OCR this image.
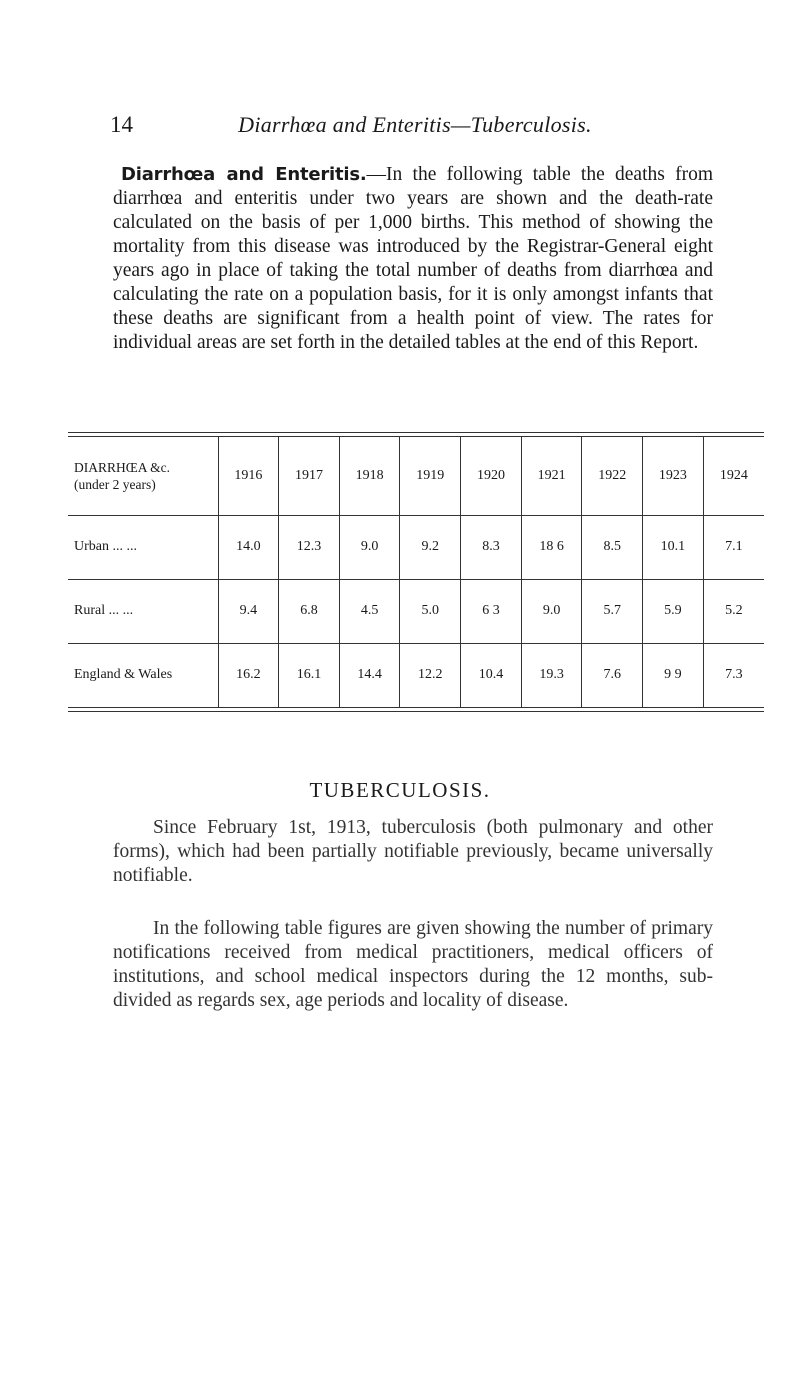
14	Diarrhœa and Enteritis—Tuberculosis.

Diarrhœa and Enteritis.—In the following table the deaths from diarrhœa and enteritis under two years are shown and the death-rate calculated on the basis of per 1,000 births. This method of showing the mortality from this disease was introduced by the Registrar-General eight years ago in place of taking the total number of deaths from diarrhœa and calculating the rate on a population basis, for it is only amongst infants that these deaths are significant from a health point of view. The rates for individual areas are set forth in the detailed tables at the end of this Report.

DIARRHŒA &c.
(under 2 years)	1916	1917	1918	1919	1920	1921	1922	1923	1924
Urban ... ...	14.0	12.3	9.0	9.2	8.3	18 6	8.5	10.1	7.1
Rural ... ...	9.4	6.8	4.5	5.0	6 3	9.0	5.7	5.9	5.2
England & Wales	16.2	16.1	14.4	12.2	10.4	19.3	7.6	9 9	7.3
TUBERCULOSIS.

Since February 1st, 1913, tuberculosis (both pulmonary and other forms), which had been partially notifiable previously, became universally notifiable.

In the following table figures are given showing the number of primary notifications received from medical practitioners, medical officers of institutions, and school medical inspectors during the 12 months, sub-divided as regards sex, age periods and locality of disease.
